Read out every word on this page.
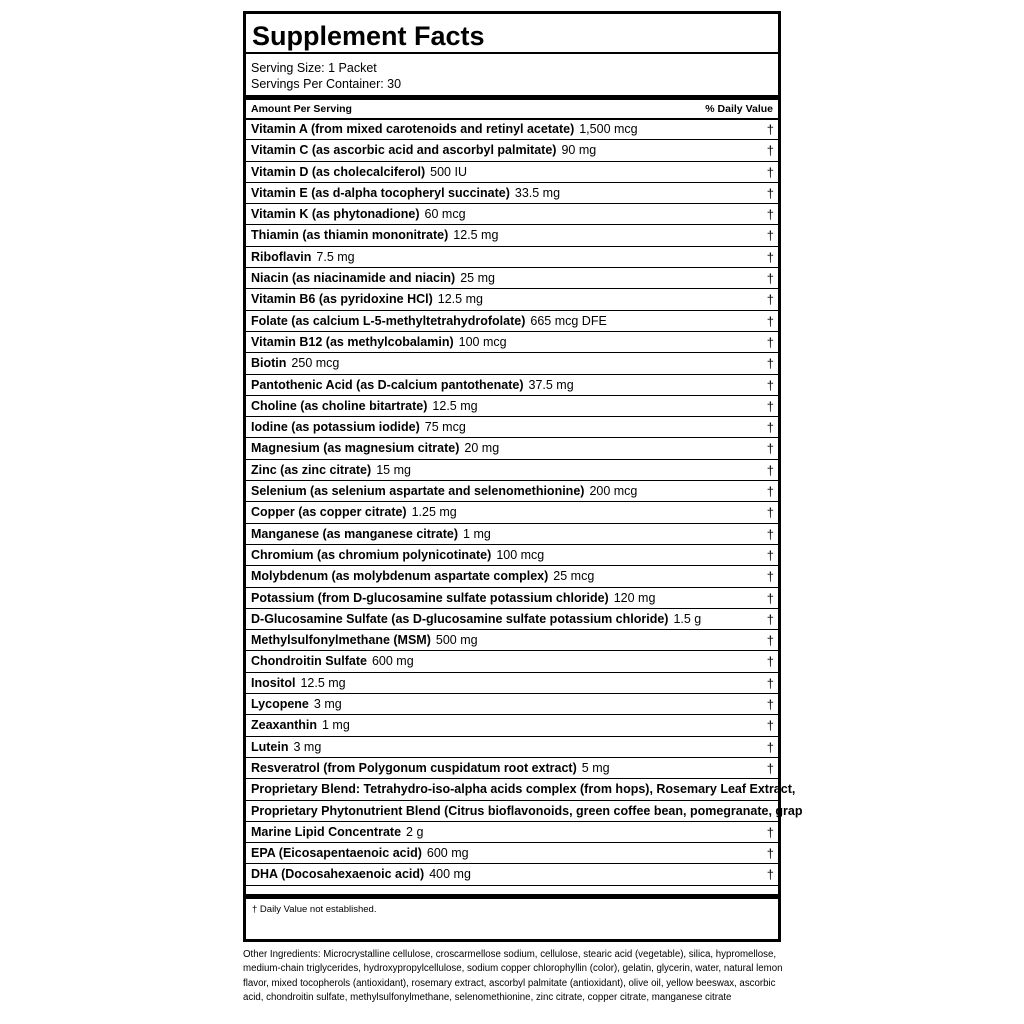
Supplement Facts
Serving Size: 1 Packet
Servings Per Container: 30
Amount Per Serving	% Daily Value
Vitamin A (from mixed carotenoids and retinyl acetate) 1,500 mcg	†
Vitamin C (as ascorbic acid and ascorbyl palmitate) 90 mg	†
Vitamin D (as cholecalciferol) 500 IU	†
Vitamin E (as d-alpha tocopheryl succinate) 33.5 mg	†
Vitamin K (as phytonadione) 60 mcg	†
Thiamin (as thiamin mononitrate) 12.5 mg	†
Riboflavin 7.5 mg	†
Niacin (as niacinamide and niacin) 25 mg	†
Vitamin B6 (as pyridoxine HCl) 12.5 mg	†
Folate (as calcium L-5-methyltetrahydrofolate) 665 mcg DFE	†
Vitamin B12 (as methylcobalamin) 100 mcg	†
Biotin 250 mcg	†
Pantothenic Acid (as D-calcium pantothenate) 37.5 mg	†
Choline (as choline bitartrate) 12.5 mg	†
Iodine (as potassium iodide) 75 mcg	†
Magnesium (as magnesium citrate) 20 mg	†
Zinc (as zinc citrate) 15 mg	†
Selenium (as selenium aspartate and selenomethionine) 200 mcg	†
Copper (as copper citrate) 1.25 mg	†
Manganese (as manganese citrate) 1 mg	†
Chromium (as chromium polynicotinate) 100 mcg	†
Molybdenum (as molybdenum aspartate complex) 25 mcg	†
Potassium (from D-glucosamine sulfate potassium chloride) 120 mg	†
D-Glucosamine Sulfate (as D-glucosamine sulfate potassium chloride) 1.5 g	†
Methylsulfonylmethane (MSM) 500 mg	†
Chondroitin Sulfate 600 mg	†
Inositol 12.5 mg	†
Lycopene 3 mg	†
Zeaxanthin 1 mg	†
Lutein 3 mg	†
Resveratrol (from Polygonum cuspidatum root extract) 5 mg	†
Proprietary Blend: Tetrahydro-iso-alpha acids complex (from hops), Rosemary Leaf Extract,
Proprietary Phytonutrient Blend (Citrus bioflavonoids, green coffee bean, pomegranate, grap
Marine Lipid Concentrate 2 g	†
EPA (Eicosapentaenoic acid) 600 mg	†
DHA (Docosahexaenoic acid) 400 mg	†
† Daily Value not established.
Other Ingredients: Microcrystalline cellulose, croscarmellose sodium, cellulose, stearic acid (vegetable), silica, hypromellose, medium-chain triglycerides, hydroxypropylcellulose, sodium copper chlorophyllin (color), gelatin, glycerin, water, natural lemon flavor, mixed tocopherols (antioxidant), rosemary extract, ascorbyl palmitate (antioxidant), olive oil, yellow beeswax, ascorbic acid, chondroitin sulfate, methylsulfonylmethane, selenomethionine, zinc citrate, copper citrate, manganese citrate
